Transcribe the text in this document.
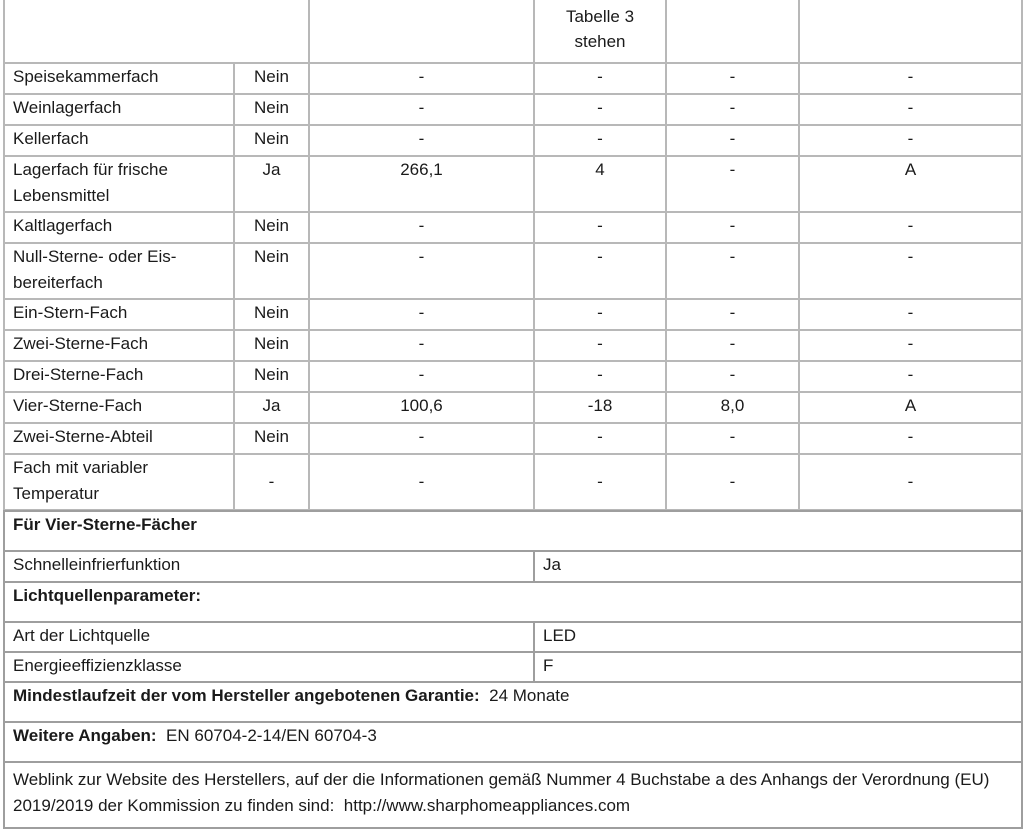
			Tabelle 3 stehen		
Speisekammerfach	Nein	-	-	-	-
Weinlagerfach	Nein	-	-	-	-
Kellerfach	Nein	-	-	-	-
Lagerfach für frische Lebensmittel	Ja	266,1	4	-	A
Kaltlagerfach	Nein	-	-	-	-
Null-Sterne- oder Eis-bereiterfach	Nein	-	-	-	-
Ein-Stern-Fach	Nein	-	-	-	-
Zwei-Sterne-Fach	Nein	-	-	-	-
Drei-Sterne-Fach	Nein	-	-	-	-
Vier-Sterne-Fach	Ja	100,6	-18	8,0	A
Zwei-Sterne-Abteil	Nein	-	-	-	-
Fach mit variabler Temperatur	-	-	-	-	-
Für Vier-Sterne-Fächer	
Schnelleinfrierfunktion	Ja
Lichtquellenparameter:	
Art der Lichtquelle	LED
Energieeffizienzklasse	F
Mindestlaufzeit der vom Hersteller angebotenen Garantie: 24 Monate	
Weitere Angaben: EN 60704-2-14/EN 60704-3	
Weblink zur Website des Herstellers, auf der die Informationen gemäß Nummer 4 Buchstabe a des Anhangs der Verordnung (EU) 2019/2019 der Kommission zu finden sind: http://www.sharphomeappliances.com	
